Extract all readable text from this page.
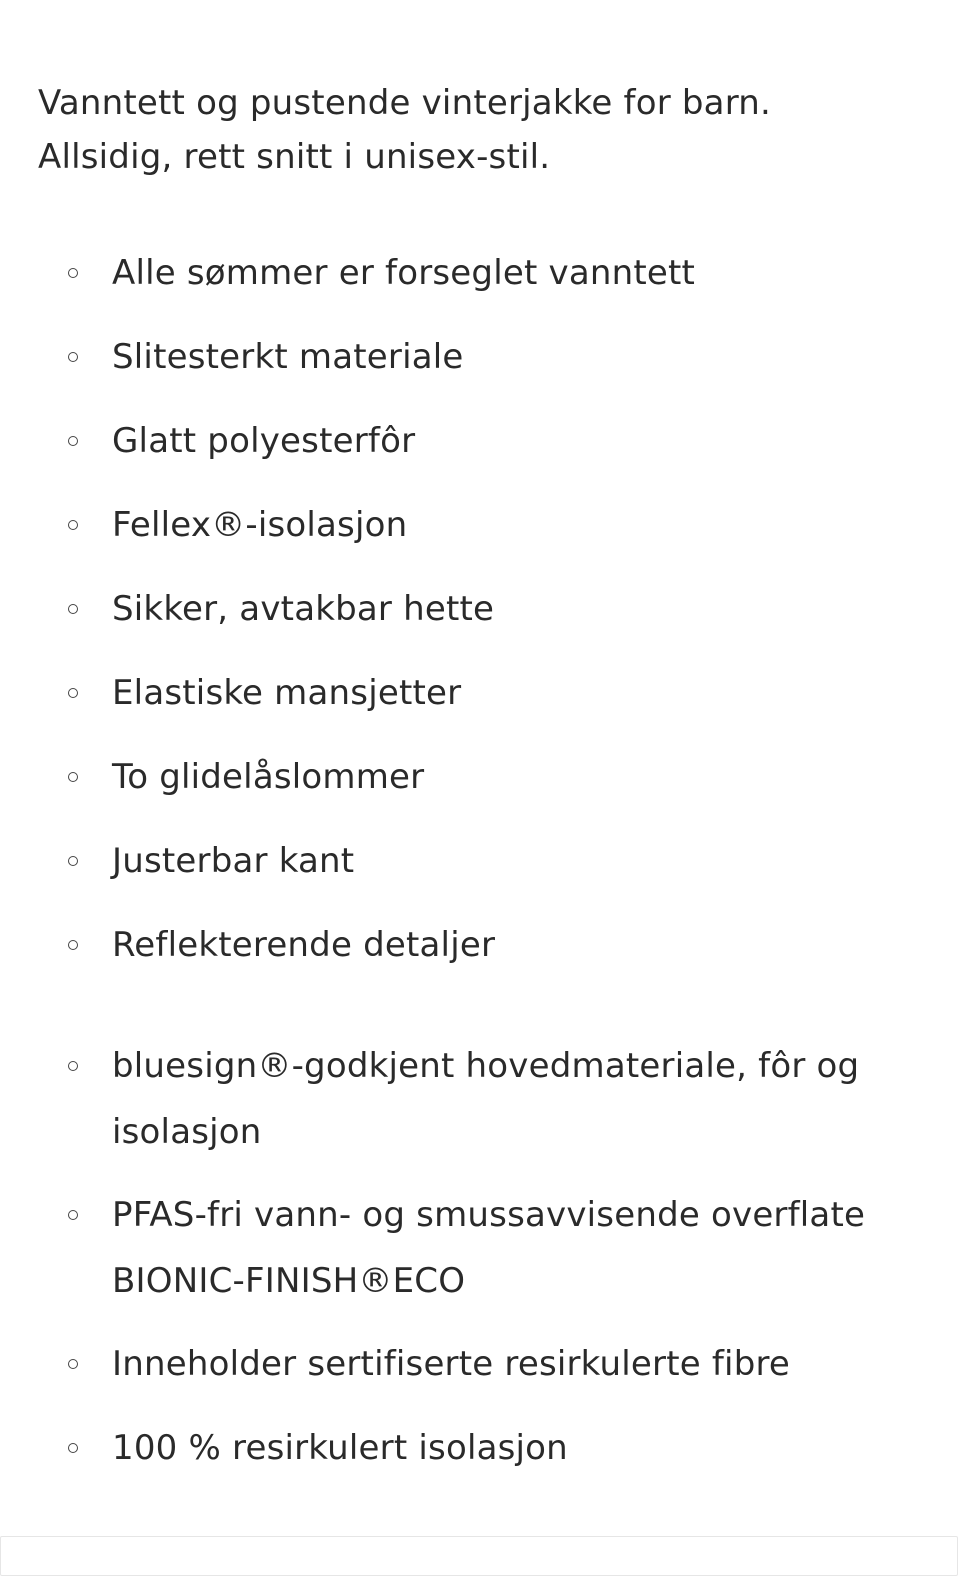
Vanntett og pustende vinterjakke for barn.
Allsidig, rett snitt i unisex-stil.

Alle sømmer er forseglet vanntett
Slitesterkt materiale
Glatt polyesterfôr
Fellex®-isolasjon
Sikker, avtakbar hette
Elastiske mansjetter
To glidelåslommer
Justerbar kant
Reflekterende detaljer
bluesign®-godkjent hovedmateriale, fôr og
isolasjon
PFAS-fri vann- og smussavvisende overflate
BIONIC-FINISH®ECO
Inneholder sertifiserte resirkulerte fibre
100 % resirkulert isolasjon
